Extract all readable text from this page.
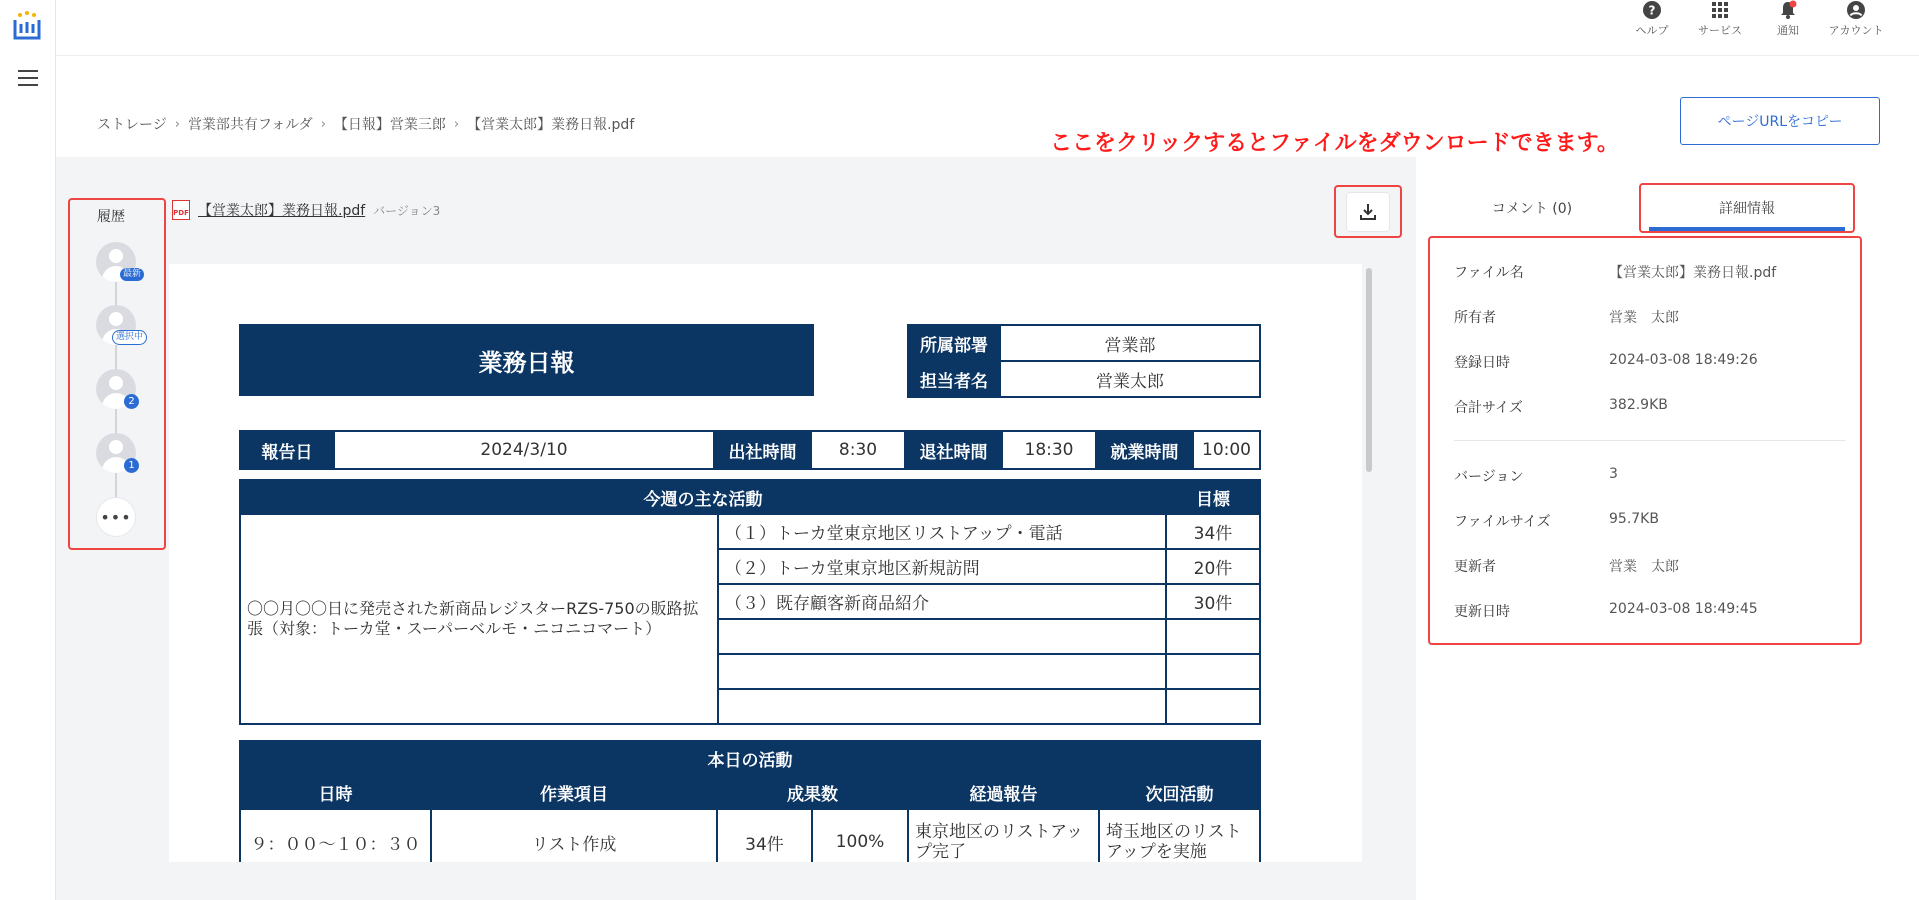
?
ヘルプ	サービス	通知	アカウント
ストレージ › 営業部共有フォルダ › 【日報】営業三郎 › 【営業太郎】業務日報.pdf	ページURLをコピー
ここをクリックするとファイルをダウンロードできます。
履歴
最新
選択中
2
1
•••
PDF 【営業太郎】業務日報.pdf バージョン3
業務日報
所属部署	営業部
担当者名	営業太郎
報告日	2024/3/10	出社時間	8:30	退社時間	18:30	就業時間	10:00
今週の主な活動		目標
〇〇月〇〇日に発売された新商品レジスターRZS-750の販路拡張（対象：トーカ堂・スーパーベルモ・ニコニコマート）	（１）トーカ堂東京地区リストアップ・電話	34件
	（２）トーカ堂東京地区新規訪問	20件
	（３）既存顧客新商品紹介	30件

本日の活動					
日時	作業項目	成果数		経過報告	次回活動
９：００〜１０：３０	リスト作成	34件	100%	東京地区のリストアップ完了	埼玉地区のリストアップを実施
コメント (0)	詳細情報
ファイル名	【営業太郎】業務日報.pdf
所有者	営業　太郎
登録日時	2024-03-08 18:49:26
合計サイズ	382.9KB
バージョン	3
ファイルサイズ	95.7KB
更新者	営業　太郎
更新日時	2024-03-08 18:49:45
